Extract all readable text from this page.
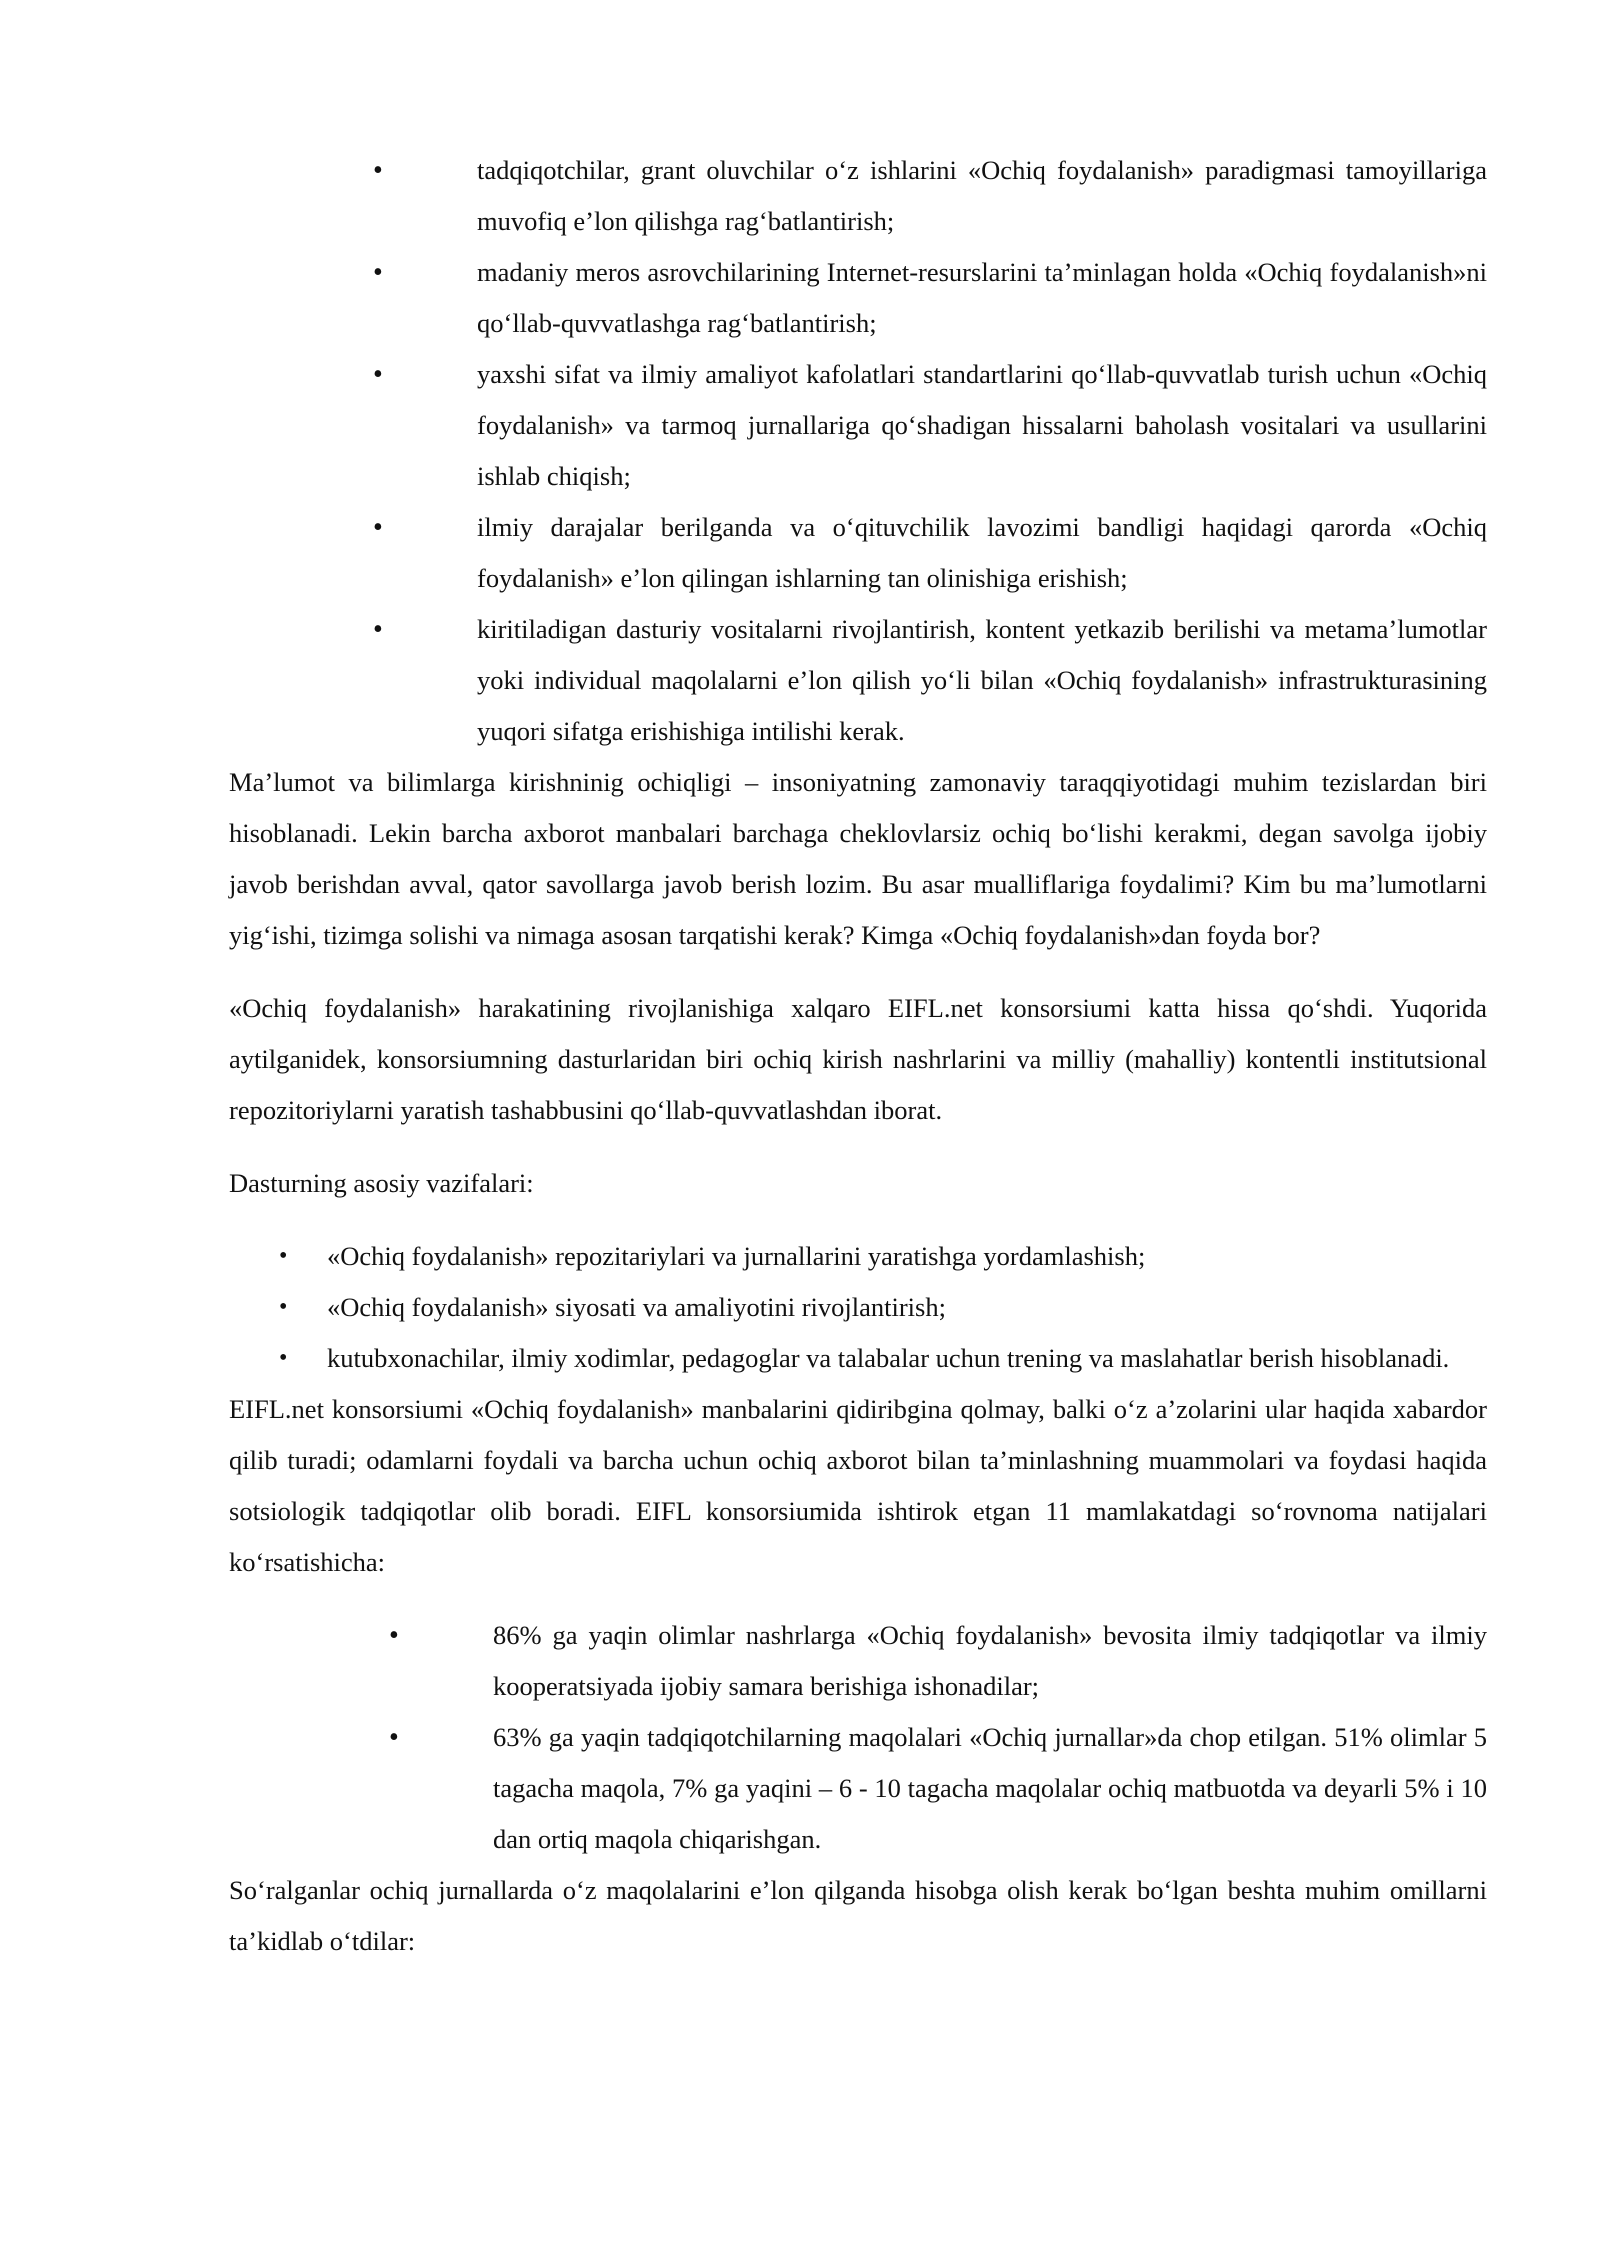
•	tadqiqotchilar, grant oluvchilar o‘z ishlarini «Ochiq foydalanish» paradigmasi tamoyillariga muvofiq e’lon qilishga rag‘batlantirish;
•	madaniy meros asrovchilarining Internet-resurslarini ta’minlagan holda «Ochiq foydalanish»ni qo‘llab-quvvatlashga rag‘batlantirish;
•	yaxshi sifat va ilmiy amaliyot kafolatlari standartlarini qo‘llab-quvvatlab turish uchun «Ochiq foydalanish» va tarmoq jurnallariga qo‘shadigan hissalarni baholash vositalari va usullarini ishlab chiqish;
•	ilmiy darajalar berilganda va o‘qituvchilik lavozimi bandligi haqidagi qarorda «Ochiq foydalanish» e’lon qilingan ishlarning tan olinishiga erishish;
•	kiritiladigan dasturiy vositalarni rivojlantirish, kontent yetkazib berilishi va metama’lumotlar yoki individual maqolalarni e’lon qilish yo‘li bilan «Ochiq foydalanish» infrastrukturasining yuqori sifatga erishishiga intilishi kerak.

Ma’lumot va bilimlarga kirishninig ochiqligi – insoniyatning zamonaviy taraqqiyotidagi muhim tezislardan biri hisoblanadi. Lekin barcha axborot manbalari barchaga cheklovlarsiz ochiq bo‘lishi kerakmi, degan savolga ijobiy javob berishdan avval, qator savollarga javob berish lozim. Bu asar mualliflariga foydalimi? Kim bu ma’lumotlarni yig‘ishi, tizimga solishi va nimaga asosan tarqatishi kerak? Kimga «Ochiq foydalanish»dan foyda bor?

«Ochiq foydalanish» harakatining rivojlanishiga xalqaro EIFL.net konsorsiumi katta hissa qo‘shdi. Yuqorida aytilganidek, konsorsiumning dasturlaridan biri ochiq kirish nashrlarini va milliy (mahalliy) kontentli institutsional repozitoriylarni yaratish tashabbusini qo‘llab-quvvatlashdan iborat.

Dasturning asosiy vazifalari:

• «Ochiq foydalanish» repozitariylari va jurnallarini yaratishga yordamlashish;
• «Ochiq foydalanish» siyosati va amaliyotini rivojlantirish;
• kutubxonachilar, ilmiy xodimlar, pedagoglar va talabalar uchun trening va maslahatlar berish hisoblanadi.

EIFL.net konsorsiumi «Ochiq foydalanish» manbalarini qidiribgina qolmay, balki o‘z a’zolarini ular haqida xabardor qilib turadi; odamlarni foydali va barcha uchun ochiq axborot bilan ta’minlashning muammolari va foydasi haqida sotsiologik tadqiqotlar olib boradi. EIFL konsorsiumida ishtirok etgan 11 mamlakatdagi so‘rovnoma natijalari ko‘rsatishicha:

•	86% ga yaqin olimlar nashrlarga «Ochiq foydalanish» bevosita ilmiy tadqiqotlar va ilmiy kooperatsiyada ijobiy samara berishiga ishonadilar;
•	63% ga yaqin tadqiqotchilarning maqolalari «Ochiq jurnallar»da chop etilgan. 51% olimlar 5 tagacha maqola, 7% ga yaqini – 6 - 10 tagacha maqolalar ochiq matbuotda va deyarli 5% i 10 dan ortiq maqola chiqarishgan.

So‘ralganlar ochiq jurnallarda o‘z maqolalarini e’lon qilganda hisobga olish kerak bo‘lgan beshta muhim omillarni ta’kidlab o‘tdilar:
